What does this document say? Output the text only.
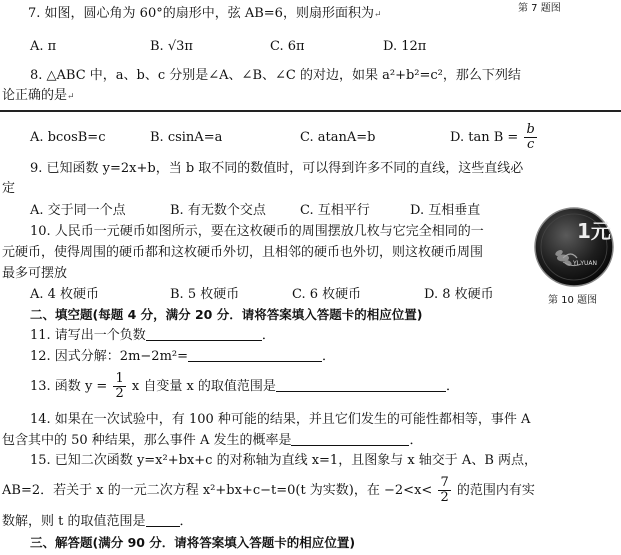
7. 如图，圆心角为 60°的扇形中，弦 AB=6，则扇形面积为↵
第 7 题图
A. π	B. √3π	C. 6π	D. 12π
8. △ABC 中，a、b、c 分别是∠A、∠B、∠C 的对边，如果 a²+b²=c²，那么下列结
论正确的是↵
A. bcosB=c	B. csinA=a	C. atanA=b	D. $\tan B = \frac{b}{c}$
9. 已知函数 y=2x+b，当 b 取不同的数值时，可以得到许多不同的直线，这些直线必
定
A. 交于同一个点	B. 有无数个交点	C. 互相平行	D. 互相垂直
10. 人民币一元硬币如图所示，要在这枚硬币的周围摆放几枚与它完全相同的一
元硬币，使得周围的硬币都和这枚硬币外切，且相邻的硬币也外切，则这枚硬币周围
最多可摆放
A. 4 枚硬币	B. 5 枚硬币	C. 6 枚硬币	D. 8 枚硬币
1元
YI YUAN
第 10 题图
二、填空题(每题 4 分，满分 20 分．请将答案填入答题卡的相应位置)
11. 请写出一个负数	．
12. 因式分解：2m−2m²=	．
13. 函数 $y = \frac{1}{2}$ x 自变量 x 的取值范围是	．
14. 如果在一次试验中，有 100 种可能的结果，并且它们发生的可能性都相等，事件 A
包含其中的 50 种结果，那么事件 A 发生的概率是	．
15. 已知二次函数 y=x²+bx+c 的对称轴为直线 x=1，且图象与 x 轴交于 A、B 两点，
AB=2．若关于 x 的一元二次方程 x²+bx+c−t=0(t 为实数)，在 $-2<x< \frac{7}{2}$ 的范围内有实
数解，则 t 的取值范围是	．
三、解答题(满分 90 分．请将答案填入答题卡的相应位置)
